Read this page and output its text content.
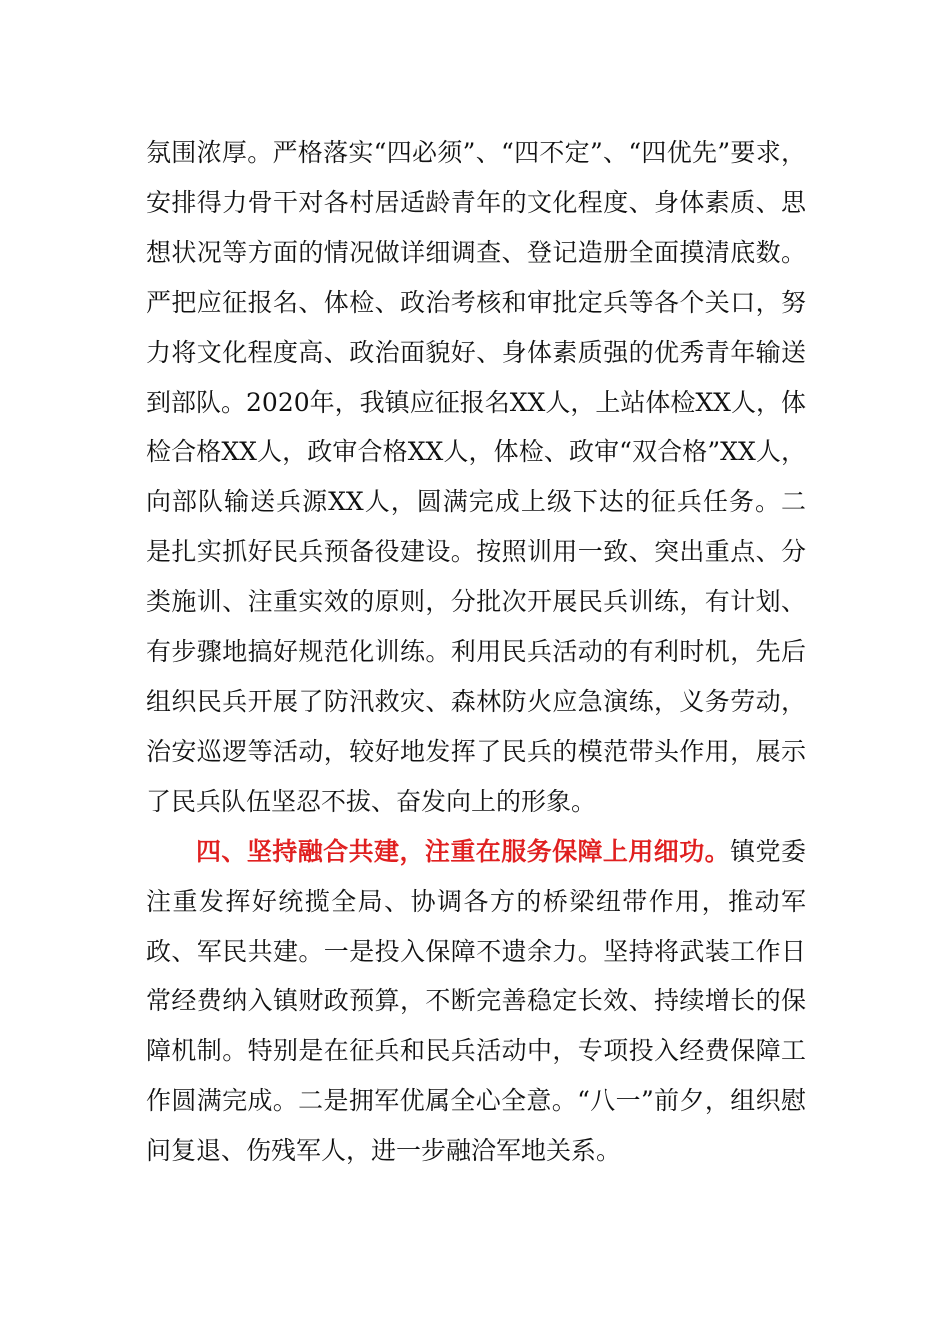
氛围浓厚。严格落实“四必须”、“四不定”、“四优先”要求，安排得力骨干对各村居适龄青年的文化程度、身体素质、思想状况等方面的情况做详细调查、登记造册全面摸清底数。严把应征报名、体检、政治考核和审批定兵等各个关口，努力将文化程度高、政治面貌好、身体素质强的优秀青年输送到部队。2020年，我镇应征报名XX人，上站体检XX人，体检合格XX人，政审合格XX人，体检、政审“双合格”XX人，向部队输送兵源XX人，圆满完成上级下达的征兵任务。二是扎实抓好民兵预备役建设。按照训用一致、突出重点、分类施训、注重实效的原则，分批次开展民兵训练，有计划、有步骤地搞好规范化训练。利用民兵活动的有利时机，先后组织民兵开展了防汛救灾、森林防火应急演练，义务劳动，治安巡逻等活动，较好地发挥了民兵的模范带头作用，展示了民兵队伍坚忍不拔、奋发向上的形象。

四、坚持融合共建，注重在服务保障上用细功。镇党委注重发挥好统揽全局、协调各方的桥梁纽带作用，推动军政、军民共建。一是投入保障不遗余力。坚持将武装工作日常经费纳入镇财政预算，不断完善稳定长效、持续增长的保障机制。特别是在征兵和民兵活动中，专项投入经费保障工作圆满完成。二是拥军优属全心全意。“八一”前夕，组织慰问复退、伤残军人，进一步融洽军地关系。
